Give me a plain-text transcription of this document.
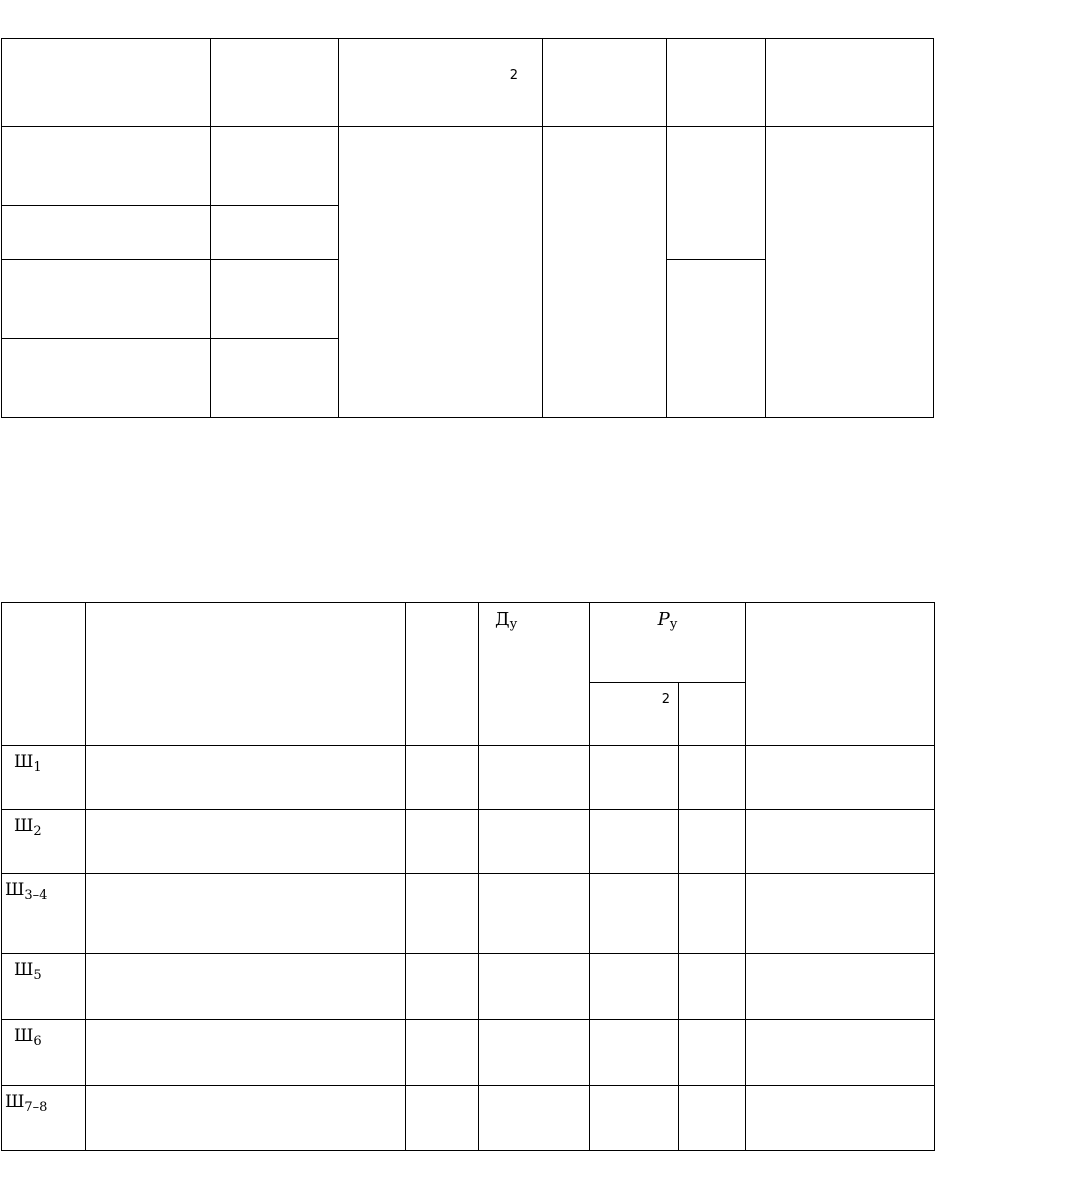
		2			

			$Д_у$	$P_у$	

				2		

$Ш_1$						
$Ш_2$						
$Ш_{3-4}$						
$Ш_5$						
$Ш_6$						
$Ш_{7-8}$						
